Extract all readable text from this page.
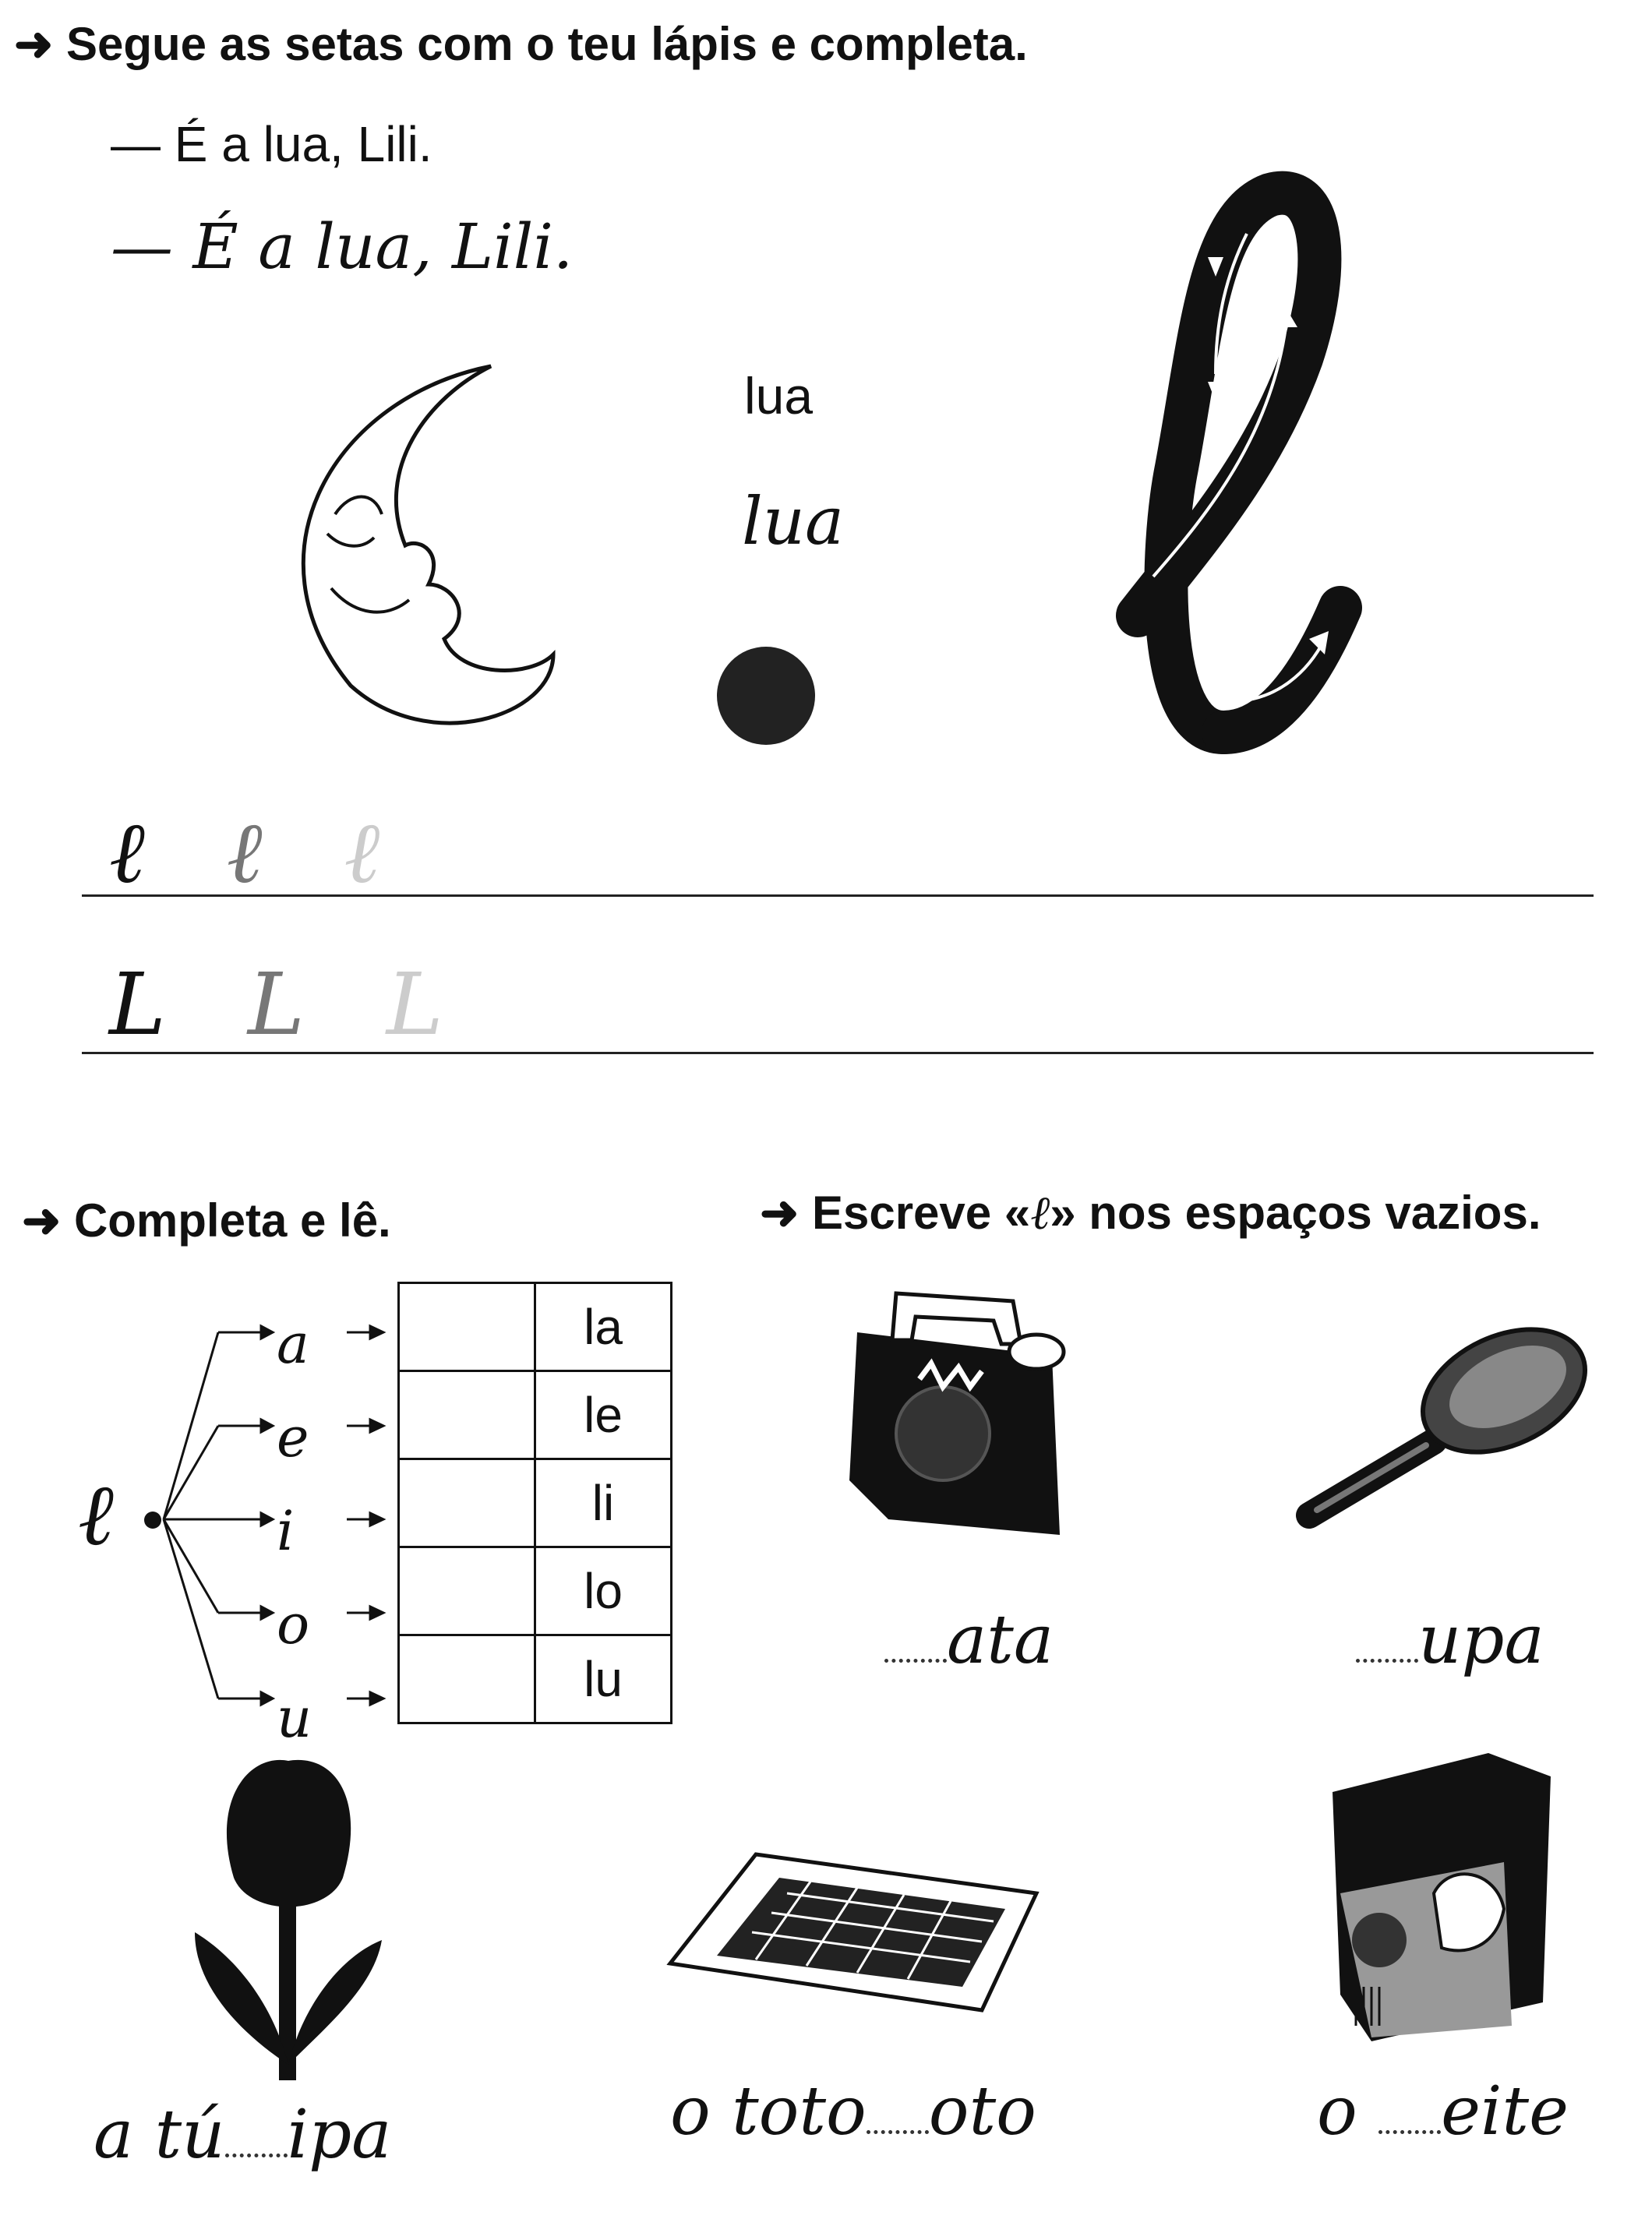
➜ Segue as setas com o teu lápis e completa.
— É a lua, Lili.
— É a lua, Lili.
lua
lua
ℓ ℓ ℓ
L L L
➜ Completa e lê.	➜ Escreve «ℓ» nos espaços vazios.
ℓ
a
e
i
o
u
	la
	le
	li
	lo
	lu	ata	upa
a tú ipa	o toto oto	o eite
